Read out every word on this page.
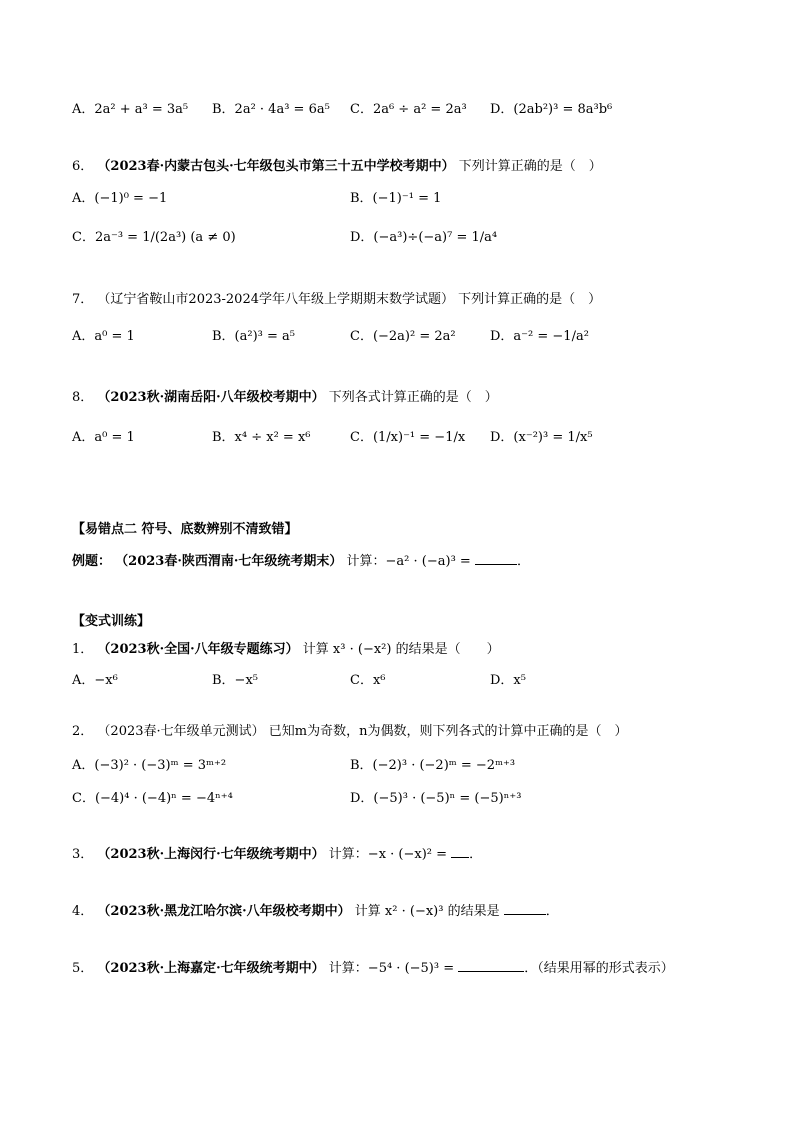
A．2a² + a³ = 3a⁵ B．2a² · 4a³ = 6a⁵ C．2a⁶ ÷ a² = 2a³ D．(2ab²)³ = 8a³b⁶
6． （2023春·内蒙古包头·七年级包头市第三十五中学校考期中） 下列计算正确的是（　）
A．(−1)⁰ = −1	B．(−1)⁻¹ = 1
C．2a⁻³ = 1/(2a³) (a ≠ 0)	D．(−a³)÷(−a)⁷ = 1/a⁴
7． （辽宁省鞍山市2023-2024学年八年级上学期期末数学试题） 下列计算正确的是（　）
A．a⁰ = 1	B．(a²)³ = a⁵	C．(−2a)² = 2a²	D．a⁻² = −1/a²
8． （2023秋·湖南岳阳·八年级校考期中） 下列各式计算正确的是（　）
A．a⁰ = 1	B．x⁴ ÷ x² = x⁶	C．(1/x)⁻¹ = −1/x D．(x⁻²)³ = 1/x⁵
【易错点二 符号、底数辨别不清致错】
例题： （2023春·陕西渭南·七年级统考期末） 计算：−a² · (−a)³ =	．
【变式训练】
1． （2023秋·全国·八年级专题练习） 计算 x³ · (−x²) 的结果是（　　）
A．−x⁶	B．−x⁵	C．x⁶	D．x⁵
2． （2023春·七年级单元测试） 已知m为奇数，n为偶数，则下列各式的计算中正确的是（　）
A．(−3)² · (−3)ᵐ = 3ᵐ⁺²	B．(−2)³ · (−2)ᵐ = −2ᵐ⁺³
C．(−4)⁴ · (−4)ⁿ = −4ⁿ⁺⁴	D．(−5)³ · (−5)ⁿ = (−5)ⁿ⁺³
3． （2023秋·上海闵行·七年级统考期中） 计算：−x · (−x)² = ．
4． （2023秋·黑龙江哈尔滨·八年级校考期中） 计算 x² · (−x)³ 的结果是	．
5． （2023秋·上海嘉定·七年级统考期中） 计算：−5⁴ · (−5)³ =	．（结果用幂的形式表示）
